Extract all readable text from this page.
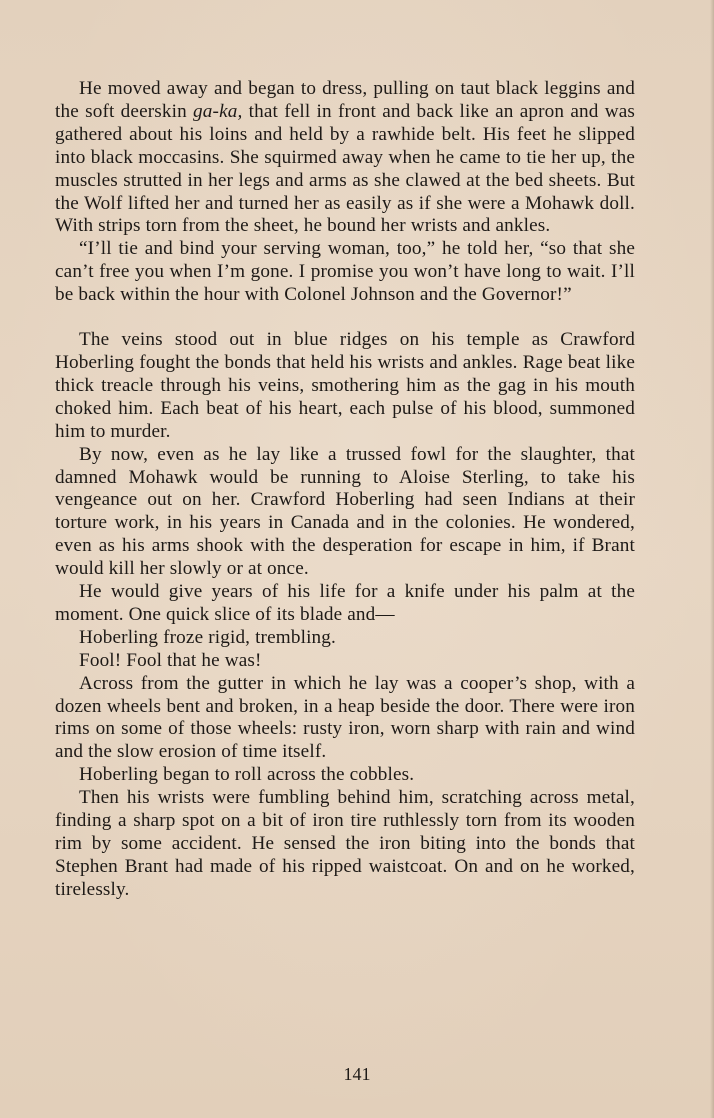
He moved away and began to dress, pulling on taut black leggins and the soft deerskin ga-ka, that fell in front and back like an apron and was gathered about his loins and held by a rawhide belt. His feet he slipped into black moccasins. She squirmed away when he came to tie her up, the muscles strutted in her legs and arms as she clawed at the bed sheets. But the Wolf lifted her and turned her as easily as if she were a Mohawk doll. With strips torn from the sheet, he bound her wrists and ankles.

“I’ll tie and bind your serving woman, too,” he told her, “so that she can’t free you when I’m gone. I promise you won’t have long to wait. I’ll be back within the hour with Colonel Johnson and the Governor!”

The veins stood out in blue ridges on his temple as Crawford Hoberling fought the bonds that held his wrists and ankles. Rage beat like thick treacle through his veins, smothering him as the gag in his mouth choked him. Each beat of his heart, each pulse of his blood, summoned him to murder.

By now, even as he lay like a trussed fowl for the slaughter, that damned Mohawk would be running to Aloise Sterling, to take his vengeance out on her. Crawford Hoberling had seen Indians at their torture work, in his years in Canada and in the colonies. He wondered, even as his arms shook with the desperation for escape in him, if Brant would kill her slowly or at once.

He would give years of his life for a knife under his palm at the moment. One quick slice of its blade and—

Hoberling froze rigid, trembling.

Fool! Fool that he was!

Across from the gutter in which he lay was a cooper’s shop, with a dozen wheels bent and broken, in a heap beside the door. There were iron rims on some of those wheels: rusty iron, worn sharp with rain and wind and the slow erosion of time itself.

Hoberling began to roll across the cobbles.

Then his wrists were fumbling behind him, scratching across metal, finding a sharp spot on a bit of iron tire ruthlessly torn from its wooden rim by some accident. He sensed the iron biting into the bonds that Stephen Brant had made of his ripped waistcoat. On and on he worked, tirelessly.

141
